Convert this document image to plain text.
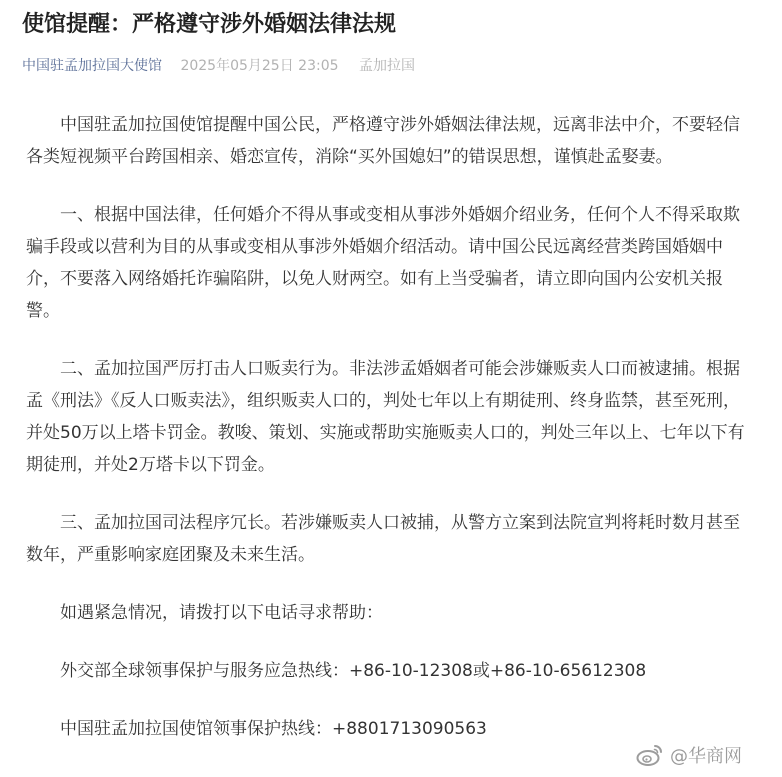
使馆提醒：严格遵守涉外婚姻法律法规
中国驻孟加拉国大使馆 2025年05月25日 23:05 孟加拉国

中国驻孟加拉国使馆提醒中国公民，严格遵守涉外婚姻法律法规，远离非法中介，不要轻信各类短视频平台跨国相亲、婚恋宣传，消除“买外国媳妇”的错误思想，谨慎赴孟娶妻。

一、根据中国法律，任何婚介不得从事或变相从事涉外婚姻介绍业务，任何个人不得采取欺骗手段或以营利为目的从事或变相从事涉外婚姻介绍活动。请中国公民远离经营类跨国婚姻中介，不要落入网络婚托诈骗陷阱，以免人财两空。如有上当受骗者，请立即向国内公安机关报警。

二、孟加拉国严厉打击人口贩卖行为。非法涉孟婚姻者可能会涉嫌贩卖人口而被逮捕。根据孟《刑法》《反人口贩卖法》，组织贩卖人口的，判处七年以上有期徒刑、终身监禁，甚至死刑，并处50万以上塔卡罚金。教唆、策划、实施或帮助实施贩卖人口的，判处三年以上、七年以下有期徒刑，并处2万塔卡以下罚金。

三、孟加拉国司法程序冗长。若涉嫌贩卖人口被捕，从警方立案到法院宣判将耗时数月甚至数年，严重影响家庭团聚及未来生活。

如遇紧急情况，请拨打以下电话寻求帮助：

外交部全球领事保护与服务应急热线：+86-10-12308或+86-10-65612308

中国驻孟加拉国使馆领事保护热线：+8801713090563

@华商网
